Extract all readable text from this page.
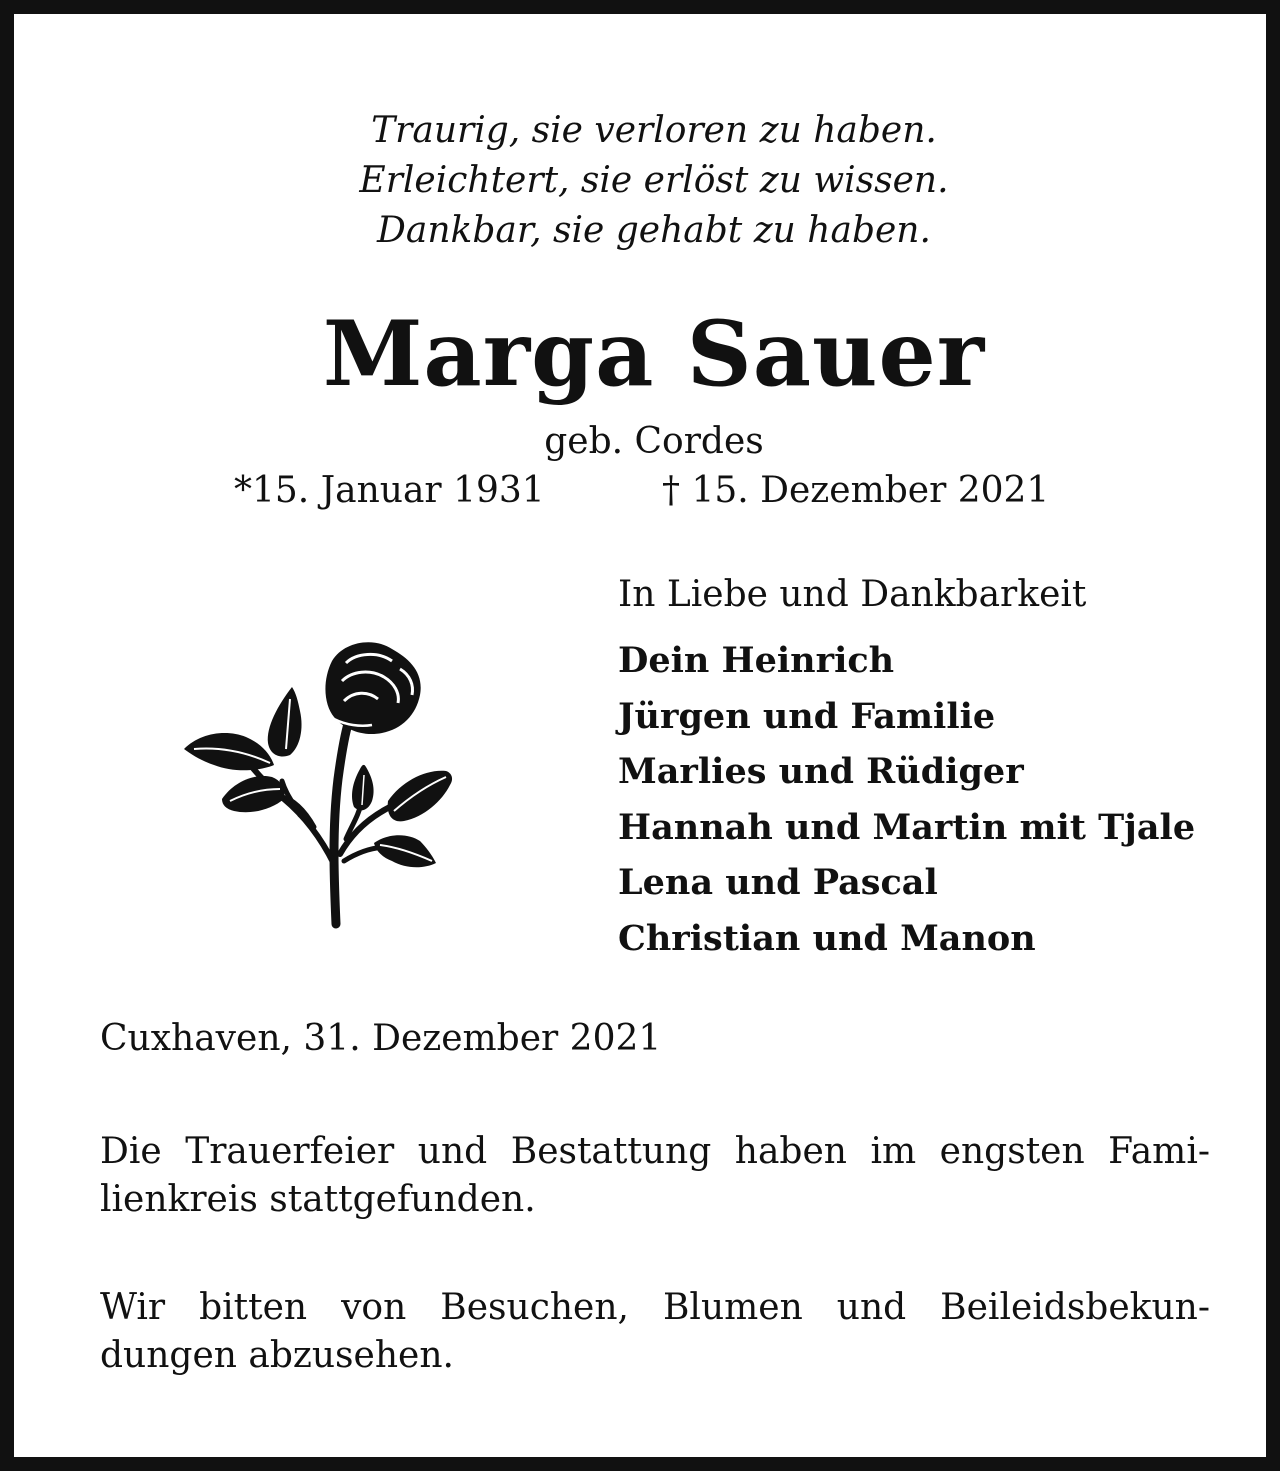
Traurig, sie verloren zu haben.
Erleichtert, sie erlöst zu wissen.
Dankbar, sie gehabt zu haben.
Marga Sauer
geb. Cordes
*15. Januar 1931	† 15. Dezember 2021
In Liebe und Dankbarkeit
Dein Heinrich
Jürgen und Familie
Marlies und Rüdiger
Hannah und Martin mit Tjale
Lena und Pascal
Christian und Manon
Cuxhaven, 31. Dezember 2021
Die Trauerfeier und Bestattung haben im engsten Fami-
lienkreis stattgefunden.
Wir bitten von Besuchen, Blumen und Beileidsbekun-
dungen abzusehen.
